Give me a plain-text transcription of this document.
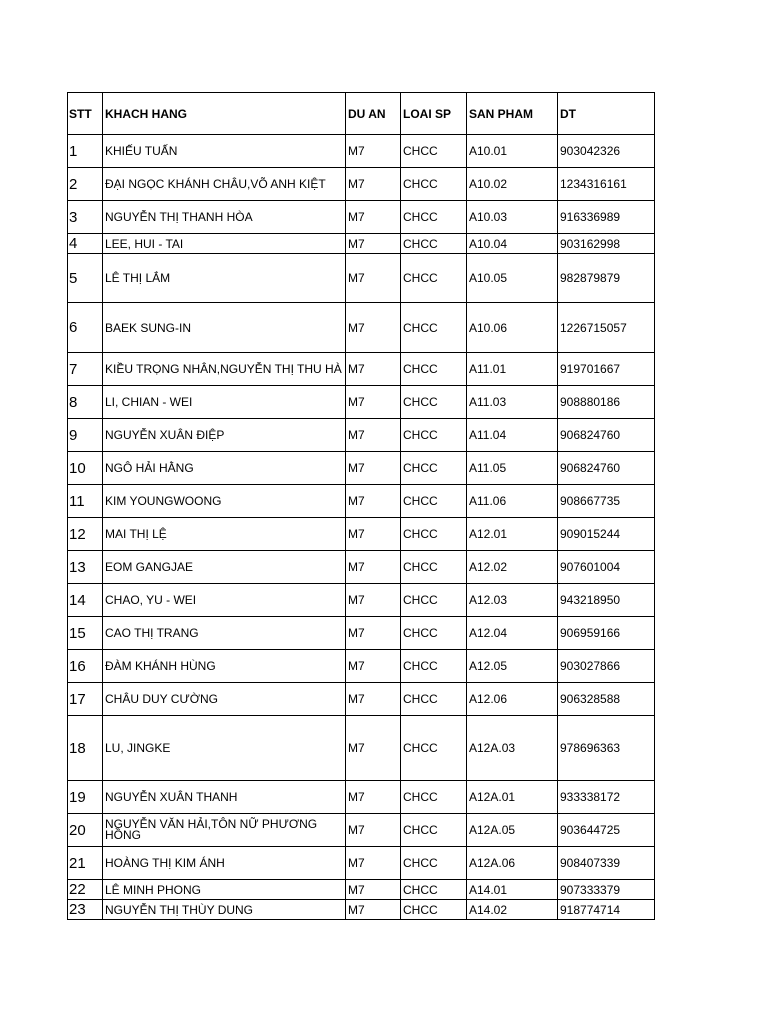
STT	KHACH HANG	DU AN	LOAI SP	SAN PHAM	DT
1	KHIẾU TUẤN	M7	CHCC	A10.01	903042326
2	ĐẠI NGỌC KHÁNH CHÂU,VÕ ANH KIỆT	M7	CHCC	A10.02	1234316161
3	NGUYỄN THỊ THANH HÒA	M7	CHCC	A10.03	916336989
4	LEE, HUI - TAI	M7	CHCC	A10.04	903162998
5	LÊ THỊ LẮM	M7	CHCC	A10.05	982879879
6	BAEK SUNG-IN	M7	CHCC	A10.06	1226715057
7	KIỀU TRỌNG NHÂN,NGUYỄN THỊ THU HÀ	M7	CHCC	A11.01	919701667
8	LI, CHIAN - WEI	M7	CHCC	A11.03	908880186
9	NGUYỄN XUÂN ĐIỆP	M7	CHCC	A11.04	906824760
10	NGÔ HẢI HẰNG	M7	CHCC	A11.05	906824760
11	KIM YOUNGWOONG	M7	CHCC	A11.06	908667735
12	MAI THỊ LỆ	M7	CHCC	A12.01	909015244
13	EOM GANGJAE	M7	CHCC	A12.02	907601004
14	CHAO, YU - WEI	M7	CHCC	A12.03	943218950
15	CAO THỊ TRANG	M7	CHCC	A12.04	906959166
16	ĐÀM KHÁNH HÙNG	M7	CHCC	A12.05	903027866
17	CHÂU DUY CƯỜNG	M7	CHCC	A12.06	906328588
18	LU, JINGKE	M7	CHCC	A12A.03	978696363
19	NGUYỄN XUÂN THANH	M7	CHCC	A12A.01	933338172
20	NGUYỄN VĂN HẢI,TÔN NỮ PHƯƠNG HỒNG	M7	CHCC	A12A.05	903644725
21	HOÀNG THỊ KIM ÁNH	M7	CHCC	A12A.06	908407339
22	LÊ MINH PHONG	M7	CHCC	A14.01	907333379
23	NGUYỄN THỊ THÙY DUNG	M7	CHCC	A14.02	918774714
